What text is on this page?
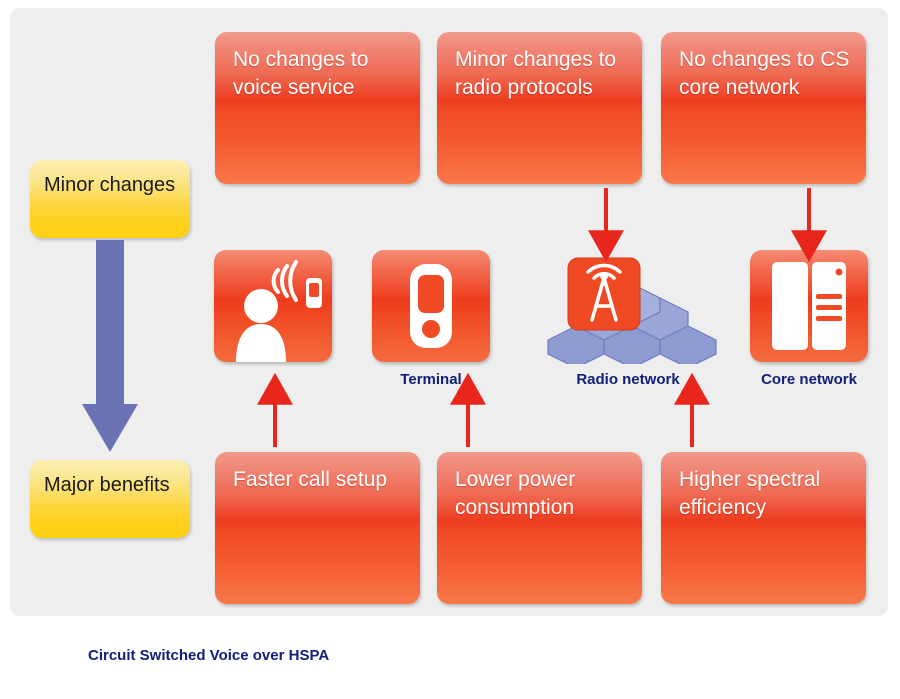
No changes to voice service
Minor changes to radio protocols
No changes to CS core network
Faster call setup	Lower power consumption
Higher spectral efficiency
Minor changes
Major benefits
Terminal	Radio network	Core network
Circuit Switched Voice over HSPA
